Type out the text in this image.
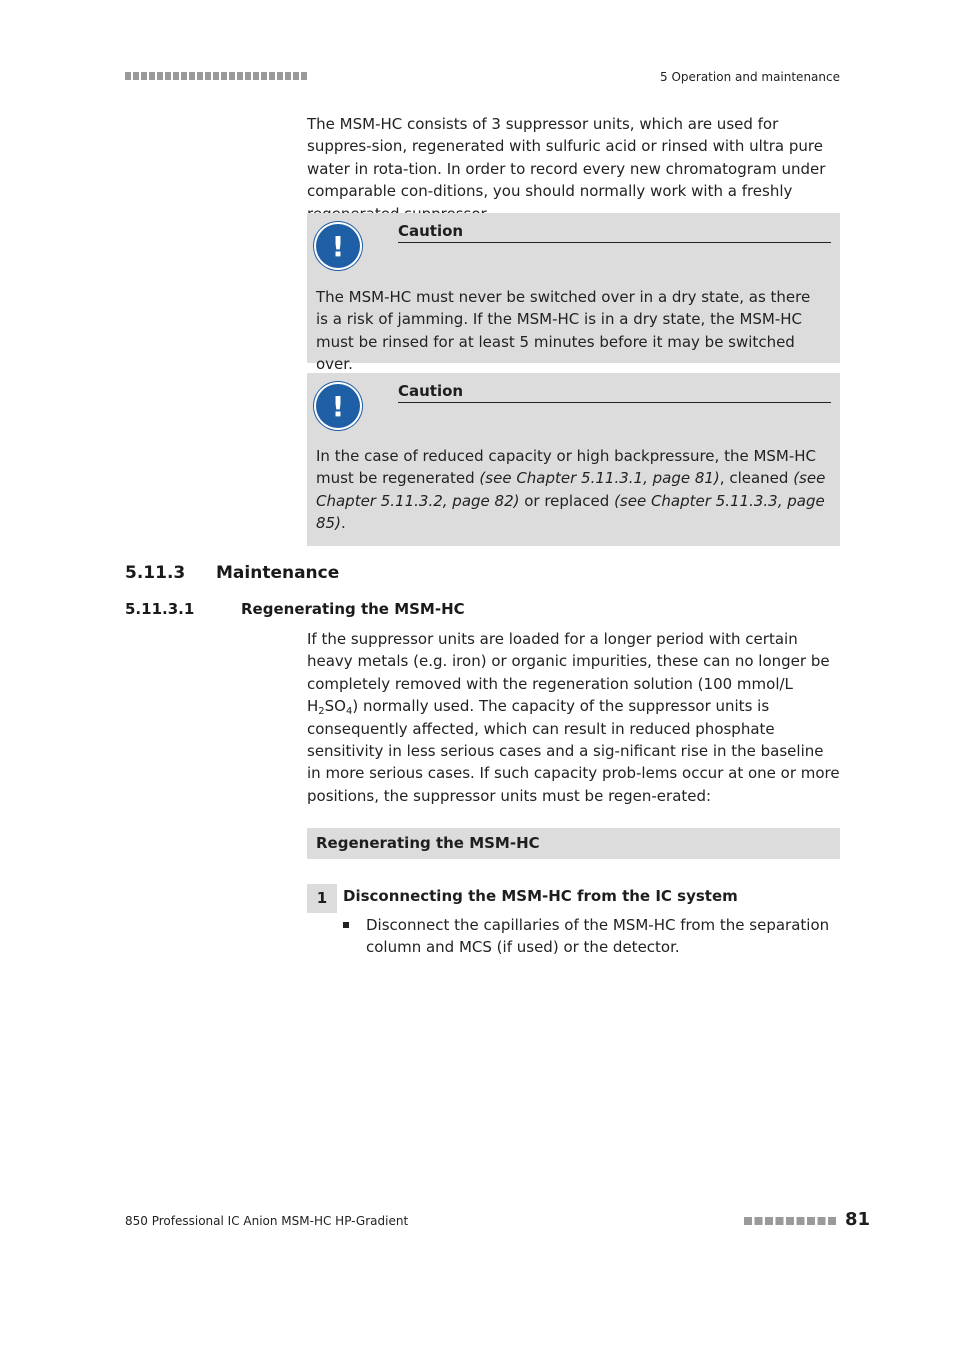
5 Operation and maintenance
The MSM-HC consists of 3 suppressor units, which are used for suppres-sion, regenerated with sulfuric acid or rinsed with ultra pure water in rota-tion. In order to record every new chromatogram under comparable con-ditions, you should normally work with a freshly
!	Caution
The MSM-HC must never be switched over in a dry state, as there is a risk of jamming. If the MSM-HC is in a dry state, the MSM-HC must be rinsed for at least 5 minutes before it may be switched over.
!	Caution
In the case of reduced capacity or high backpressure, the MSM-HC must be regenerated (see Chapter 5.11.3.1, page 81), cleaned (see Chapter 5.11.3.2, page 82) or replaced (see Chapter 5.11.3.3, page 85).
5.11.3 Maintenance
5.11.3.1	Regenerating the MSM-HC
If the suppressor units are loaded for a longer period with certain heavy metals (e.g. iron) or organic impurities, these can no longer be completely removed with the regeneration solution (100 mmol/L $H_2SO_4$) normally used. The capacity of the suppressor units is consequently affected, which can result in reduced phosphate sensitivity in less serious cases and a sig-nificant rise in the baseline in more serious cases. If such capacity prob-lems occur at one or more positions, the suppressor units must be regen-erated:
Regenerating the MSM-HC
1	Disconnecting the MSM-HC from the IC system
Disconnect the capillaries of the MSM-HC from the separation column and MCS (if used) or the detector.
850 Professional IC Anion MSM-HC HP-Gradient	81
